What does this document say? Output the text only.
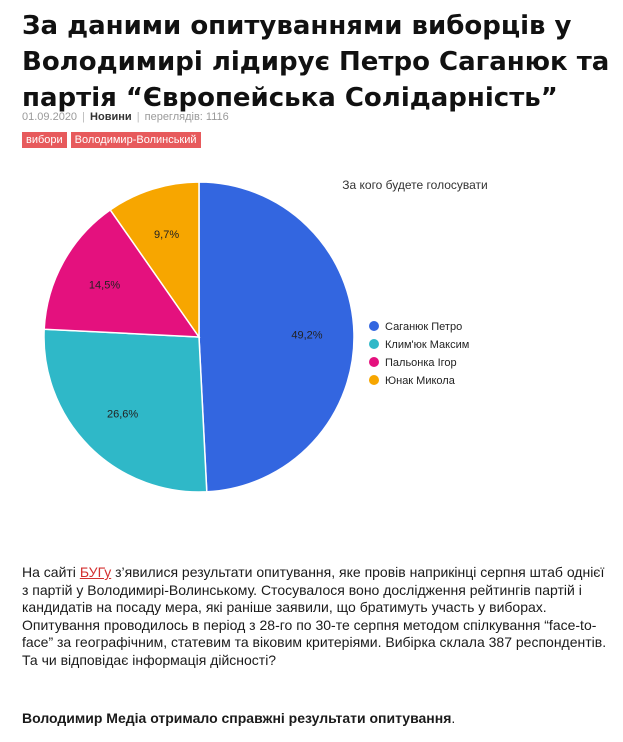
За даними опитуваннями виборців у Володимирі лідирує Петро Саганюк та партія “Європейська Солідарність”
01.09.2020 | Новини | переглядів: 1116
вибори	Володимир-Волинський
За кого будете голосувати
49,2%
26,6%
14,5%
9,7%
Саганюк Петро
Клим'юк Максим
Пальонка Ігор
Юнак Микола

На сайті БУГу з’явилися результати опитування, яке провів наприкінці серпня штаб однієї з партій у Володимирі-Волинському. Стосувалося воно дослідження рейтингів партій і кандидатів на посаду мера, які раніше заявили, що братимуть участь у виборах. Опитування проводилось в період з 28-го по 30-те серпня методом спілкування “face-to-face” за географічним, статевим та віковим критеріями. Вибірка склала 387 респондентів. Та чи відповідає інформація дійсності?

Володимир Медіа отримало справжні результати опитування.
